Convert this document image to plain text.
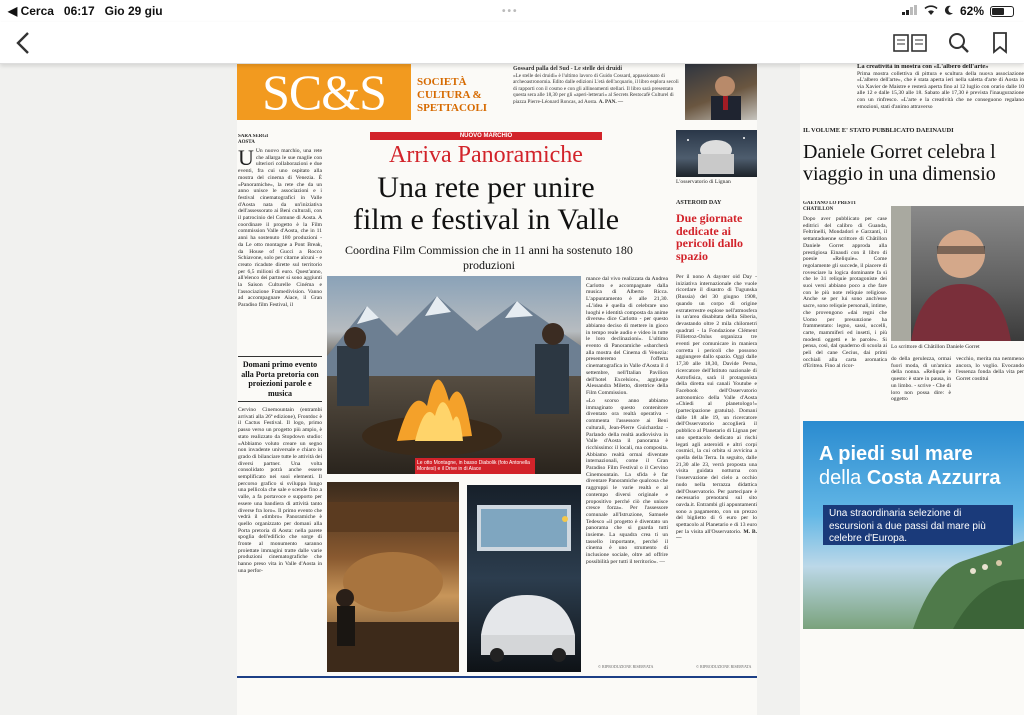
◀ Cerca 06:17 Gio 29 giu	•••	62%
SC&S	SOCIETÀ
CULTURA &
SPETTACOLI
Gossard palla del Sud - Le stelle dei druidi
«Le stelle dei druidi» è l'ultimo lavoro di Guido Cossard, appassionato di archeoastronomia. Edito dalle edizioni L'età dell'acquario, il libro esplora secoli di rapporti con il cosmo e con gli allineamenti stellari. Il libro sarà presentato questa sera alle 18,30 per gli «aperi-letterari» al Secrets Restocafè Culturel di piazza Pierre-Léonard Roncas, ad Aosta. A. PAN. —
La creatività in mostra con «L'albero dell'arte»
Prima mostra collettiva di pittura e scultura della nuova associazione «L'albero dell'arte», che è stata aperta ieri nella saletta d'arte di Aosta in via Xavier de Maistre e resterà aperta fino al 12 luglio con orario dalle 10 alle 12 e dalle 15,30 alle 18. Sabato alle 17,30 è prevista l'inaugurazione con un rinfresco. «L'arte e la creatività che ne conseguono regalano emozioni, stati d'animo attraverso
SARA SERGI
AOSTA
U Un nuovo marchio, una rete che allarga le sue maglie con ulteriori collaborazioni e due eventi, fra cui uno ospitato alla mostra del cinema di Venezia. È «Panoramiche», la rete che da un anno unisce le associazioni e i festival cinematografici in Valle d'Aosta nata da un'iniziativa dell'assessorato ai Beni culturali, con il patrocinio del Comune di Aosta. A coordinare il progetto è la Film commission Valle d'Aosta, che in 11 anni ha sostenuto 180 produzioni - da Le otto montagne a Pont Break, da House of Gucci a Rocco Schiavone, solo per citarne alcuni - e creato ricadute dirette sul territorio per 6,5 milioni di euro. Quest'anno, all'elenco dei partner si sono aggiunti la Saison Culturelle Cinéma e l'associazione Framedivision. Vanno ad accompagnare Aiace, il Gran Paradiso film Festival, il
Domani primo evento alla Porta pretoria con proiezioni parole e musica
Cervino Cinemountain (entrambi arrivati alla 26ª edizione), Frontdoc è il Cactus Festival. Il logo, primo passo verso un progetto più ampio, è stato realizzato da Stopdown studio: «Abbiamo voluto creare un segno non invadente universale e chiaro in grado di bilanciare tutte le attività dei diversi partner. Una volta consolidato potrà anche essere semplificato nei suoi elementi. Il percorso grafico si sviluppa lungo una pellicola che sale e scende fino a valle, a fa portavoce e supporto per essere una bandiera di attività tanto diverse fra loro». Il primo evento che vedrà il «timbro» Panoramiche è quello organizzato per domani alla Porta pretoria di Aosta: nella parete spoglia dell'edificio che sorge di fronte al monumento saranno proiettate immagini tratte dalle varie produzioni cinematografiche che hanno preso vita in Valle d'Aosta in una perfor-
NUOVO MARCHIO
Arriva Panoramiche
Una rete per unire
film e festival in Valle
Coordina Film Commission che in 11 anni ha sostenuto 180 produzioni
Le otto Montagne, in basso Diabolik (foto Antonella Montesi) e il Drive in di Aiace
mance dal vivo realizzata da Andrea Carlotto e accompagnate dalla musica di Alberto Ricca. L'appuntamento è alle 21,30. «L'idea è quella di celebrare uno luoghi e identità composta da anime diverse» dice Carlotto - per questo abbiamo deciso di mettere in gioco in tempo reale audio e video in tutte le loro declinazioni». L'ultimo evento di Panoramiche «sbarcherà alla mostra del Cinema di Venezia: presenteremo l'offerta cinematografica in Valle d'Aosta il 4 settembre, nell'Italian Pavilion dell'hotel Excelsior», aggiunge Alessandra Miletto, direttrice della Film Commission.
«Lo scorso anno abbiamo immaginato questo contenitore diventato ora realtà operativa - commenta l'assessore ai Beni culturali, Jean-Pierre Guichardaz - Parlando della realtà audiovisiva in Valle d'Aosta il panorama è ricchissimo: il locali, ma composita. Abbiamo realtà ormai diventate internazionali, come il Gran Paradiso Film Festival o il Cervino Cinemountain. La sfida è far diventare Panoramiche qualcosa che raggruppi le varie realtà e al contempo diversi originale e propositivo perché ciò che unisce cresce forza». Per l'assessore comunale all'Istruzione, Samuele Tedesco «il progetto è diventato un panorama che si guarda tutti insieme. La squadra crea ti un tassello importante, perché il cinema è uno strumento di inclusione sociale, oltre ad offrire possibilità per tutti il territorio». —
© RIPRODUZIONE RISERVATA
L'osservatorio di Lignan
ASTEROID DAY
Due giornate dedicate ai pericoli dallo spazio
Per il nono A dayster oid Day - iniziativa internazionale che vuole ricordare il disastro di Tugunska (Russia) del 30 giugno 1908, quando un corpo di origine extraterrestre esplose nell'atmosfera in un'area disabitata della Siberia, devastando oltre 2 mila chilometri quadrati - la Fondazione Clément Fillietroz-Onlus organizza tre eventi per comunicare in maniera corretta i pericoli che possono aggiungere dallo spazio. Oggi dalle 17,30 alle 18,30, Davide Perna, ricercatore dell'Istituto nazionale di Astrofisica, sarà il protagonista della diretta sui canali Youtube e Facebook dell'Osservatorio astronomico della Valle d'Aosta «Chiedi al planetologo!» (partecipazione gratuita). Domani dalle 18 alle 19, un ricercatore dell'Osservatorio accoglierà il pubblico al Planetario di Lignan per uno spettacolo dedicato ai rischi legati agli asteroidi e altri corpi cosmici, la cui orbita si avvicina a quella della Terra. In seguito, dalle 21,30 alle 23, verrà proposta una visita guidata notturna con l'osservazione del cielo a occhio nudo nella terrazza didattica dell'Osservatorio. Per partecipare è necessario prenotarsi sul sito oavda.it. Entrambi gli appuntamenti sono a pagamento, con un prezzo del biglietto di 6 euro per lo spettacolo al Planetario e di 13 euro per la visita all'Osservatorio. M. B. —
© RIPRODUZIONE RISERVATA
IL VOLUME E' STATO PUBBLICATO DAEINAUDI
Daniele Gorret celebra l
viaggio in una dimensio
GAETANO LO PRESTI
CHATILLON
Dopo aver pubblicato per case editrici del calibro di Guanda, Feltrinelli, Mondadori e Garzanti, il settantaduenne scrittore di Châtillon Daniele Gorret approda alla prestigiosa Einaudi con il libro di poesie «Reliquie». Come regolamente gli succede, il piacere di rovesciare la logica dominante fa sì che le 31 reliquie protagoniste dei suoi versi abbiano poco a che fare con le più note reliquie religiose. Anche se per lui sono anch'esse sacre, sono reliquie personali, intime, che provengono «dai regni che Uomo per presunzione ha frammentato: legno, sassi, uccelli, carte, mammiferi ed insetti, i più modesti oggetti e le parole». Si pensa, così, dal quaderno di scuola ai peli del cane Cecius, dai primi occhiali alla carta aromatica d'Eritrea. Fino al ricor-
Lo scrittore di Châtillon Daniele Gorret
do della gerulezza, ormai fuori moda, di un'amica della nonna. «Reliquie è questo: è stare in pausa, in un limbo. - scrive - Che di loro non possa dire: è oggetto
vecchio, merita ma nemmeno ancora, lo voglio. Evocando l'essenza fonda della vita per Gorret costituì
A piedi sul mare
della Costa Azzurra
Una straordinaria selezione di escursioni a due passi dal mare più celebre d'Europa.
